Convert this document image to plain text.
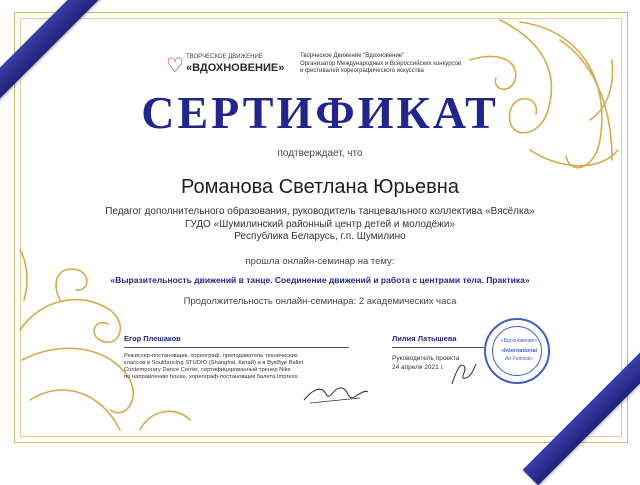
♡ ТВОРЧЕСКОЕ ДВИЖЕНИЕ
«ВДОХНОВЕНИЕ»
Творческое Движение "Вдохновение"
Организатор Международных и Всероссийских конкурсов
и фестивалей хореографического искусства
СЕРТИФИКАТ
подтверждает, что
Романова Светлана Юрьевна
Педагог дополнительного образования, руководитель танцевального коллектива «Вясёлка»
ГУДО «Шумилинский районный центр детей и молодёжи»
Республика Беларусь, г.п. Шумилино
прошла онлайн-семинар на тему:
«Выразительность движений в танце. Соединение движений и работа с центрами тела. Практика»
Продолжительность онлайн-семинара: 2 академических часа
Егор Плешаков
Режиссер-постановщик, хореограф, преподаватель технических
классов в Souldancing STUDIO (Shanghai, Китай) и в ByeBye Ballet
Contemporary Dance Center, сертифицированный тренер Nike
по направлению house, хореограф-постановщик балета Impress.
Лилия Латышева
Руководитель проекта
24 апреля 2021 г.
«Вдохновение»
«International
Art Festival»
